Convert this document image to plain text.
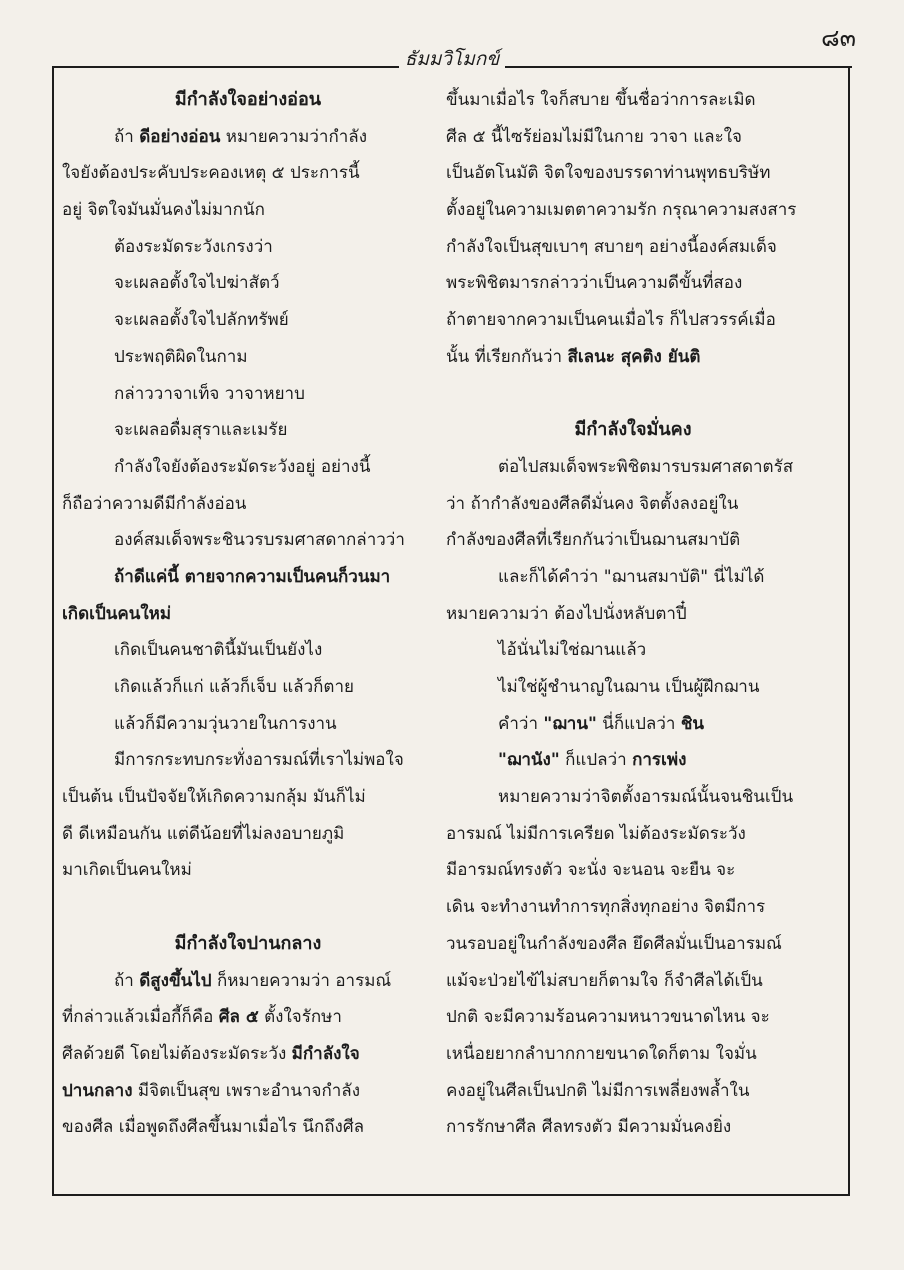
๘๓
ธัมมวิโมกข์
มีกำลังใจอย่างอ่อน
ถ้า ดีอย่างอ่อน หมายความว่ากำลัง
ใจยังต้องประคับประคองเหตุ ๕ ประการนี้
อยู่ จิตใจมันมั่นคงไม่มากนัก
ต้องระมัดระวังเกรงว่า
จะเผลอตั้งใจไปฆ่าสัตว์
จะเผลอตั้งใจไปลักทรัพย์
ประพฤติผิดในกาม
กล่าววาจาเท็จ วาจาหยาบ
จะเผลอดื่มสุราและเมรัย
กำลังใจยังต้องระมัดระวังอยู่ อย่างนี้
ก็ถือว่าความดีมีกำลังอ่อน
องค์สมเด็จพระชินวรบรมศาสดากล่าวว่า
ถ้าดีแค่นี้ ตายจากความเป็นคนก็วนมา
เกิดเป็นคนใหม่
เกิดเป็นคนชาตินี้มันเป็นยังไง
เกิดแล้วก็แก่ แล้วก็เจ็บ แล้วก็ตาย
แล้วก็มีความวุ่นวายในการงาน
มีการกระทบกระทั่งอารมณ์ที่เราไม่พอใจ
เป็นต้น เป็นปัจจัยให้เกิดความกลุ้ม มันก็ไม่
ดี ดีเหมือนกัน แต่ดีน้อยที่ไม่ลงอบายภูมิ
มาเกิดเป็นคนใหม่
มีกำลังใจปานกลาง
ถ้า ดีสูงขึ้นไป ก็หมายความว่า อารมณ์
ที่กล่าวแล้วเมื่อกี้ก็คือ ศีล ๕ ตั้งใจรักษา
ศีลด้วยดี โดยไม่ต้องระมัดระวัง มีกำลังใจ
ปานกลาง มีจิตเป็นสุข เพราะอำนาจกำลัง
ของศีล เมื่อพูดถึงศีลขึ้นมาเมื่อไร นึกถึงศีล
ขึ้นมาเมื่อไร ใจก็สบาย ขึ้นชื่อว่าการละเมิด
ศีล ๕ นี้ไซร้ย่อมไม่มีในกาย วาจา และใจ
เป็นอัตโนมัติ จิตใจของบรรดาท่านพุทธบริษัท
ตั้งอยู่ในความเมตตาความรัก กรุณาความสงสาร
กำลังใจเป็นสุขเบาๆ สบายๆ อย่างนี้องค์สมเด็จ
พระพิชิตมารกล่าวว่าเป็นความดีขั้นที่สอง
ถ้าตายจากความเป็นคนเมื่อไร ก็ไปสวรรค์เมื่อ
นั้น ที่เรียกกันว่า สีเลนะ สุคติง ยันติ
มีกำลังใจมั่นคง
ต่อไปสมเด็จพระพิชิตมารบรมศาสดาตรัส
ว่า ถ้ากำลังของศีลดีมั่นคง จิตตั้งลงอยู่ใน
กำลังของศีลที่เรียกกันว่าเป็นฌานสมาบัติ
และก็ได้คำว่า "ฌานสมาบัติ" นี่ไม่ได้
หมายความว่า ต้องไปนั่งหลับตาปี๋
ไอ้นั่นไม่ใช่ฌานแล้ว
ไม่ใช่ผู้ชำนาญในฌาน เป็นผู้ฝึกฌาน
คำว่า "ฌาน" นี่ก็แปลว่า ชิน
"ฌานัง" ก็แปลว่า การเพ่ง
หมายความว่าจิตตั้งอารมณ์นั้นจนชินเป็น
อารมณ์ ไม่มีการเครียด ไม่ต้องระมัดระวัง
มีอารมณ์ทรงตัว จะนั่ง จะนอน จะยืน จะ
เดิน จะทำงานทำการทุกสิ่งทุกอย่าง จิตมีการ
วนรอบอยู่ในกำลังของศีล ยึดศีลมั่นเป็นอารมณ์
แม้จะป่วยไข้ไม่สบายก็ตามใจ ก็จำศีลได้เป็น
ปกติ จะมีความร้อนความหนาวขนาดไหน จะ
เหนื่อยยากลำบากกายขนาดใดก็ตาม ใจมั่น
คงอยู่ในศีลเป็นปกติ ไม่มีการเพลี่ยงพล้ำใน
การรักษาศีล ศีลทรงตัว มีความมั่นคงยิ่ง
